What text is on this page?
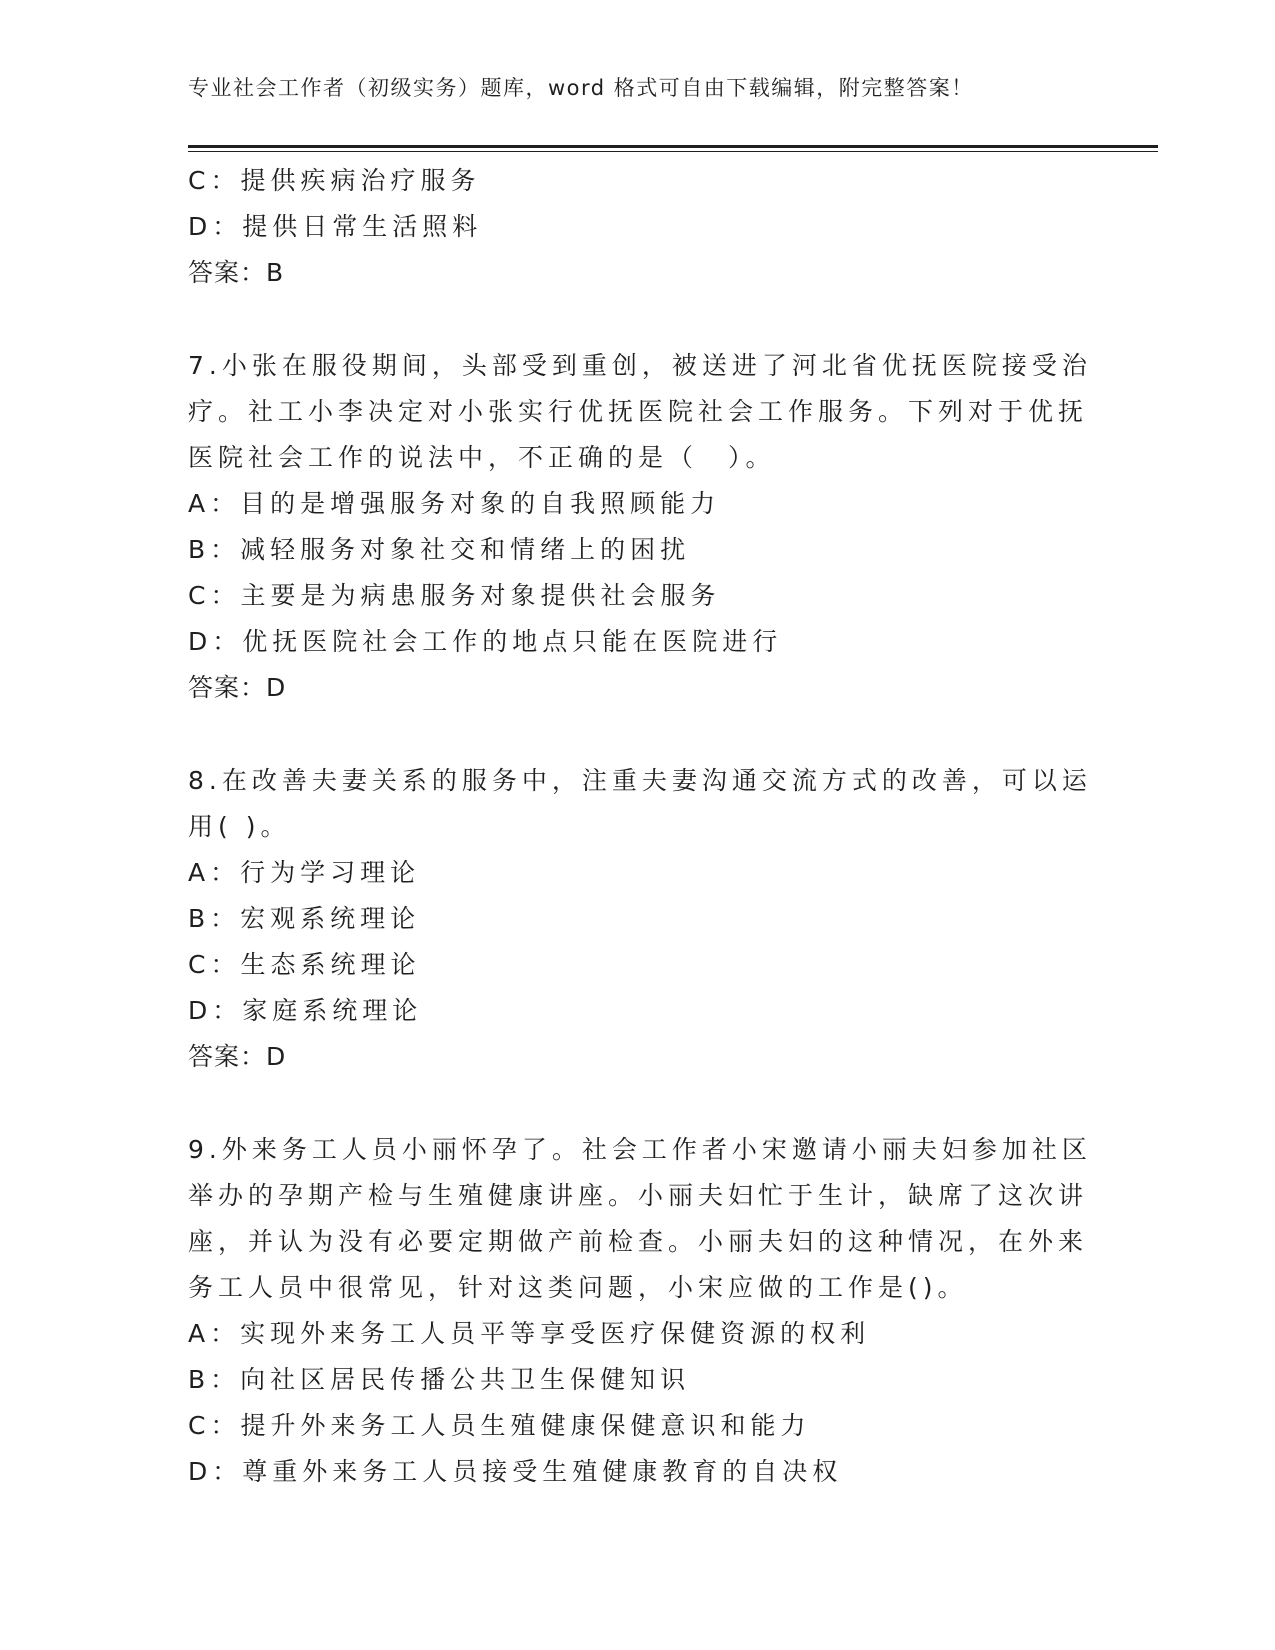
专业社会工作者（初级实务）题库，word 格式可自由下载编辑，附完整答案！
C：提供疾病治疗服务
D：提供日常生活照料
答案：B
7.小张在服役期间，头部受到重创，被送进了河北省优抚医院接受治
疗。社工小李决定对小张实行优抚医院社会工作服务。下列对于优抚
医院社会工作的说法中，不正确的是（　）。
A：目的是增强服务对象的自我照顾能力
B：减轻服务对象社交和情绪上的困扰
C：主要是为病患服务对象提供社会服务
D：优抚医院社会工作的地点只能在医院进行
答案：D
8.在改善夫妻关系的服务中，注重夫妻沟通交流方式的改善，可以运
用( )。
A：行为学习理论
B：宏观系统理论
C：生态系统理论
D：家庭系统理论
答案：D
9.外来务工人员小丽怀孕了。社会工作者小宋邀请小丽夫妇参加社区
举办的孕期产检与生殖健康讲座。小丽夫妇忙于生计，缺席了这次讲
座，并认为没有必要定期做产前检查。小丽夫妇的这种情况，在外来
务工人员中很常见，针对这类问题，小宋应做的工作是()。
A：实现外来务工人员平等享受医疗保健资源的权利
B：向社区居民传播公共卫生保健知识
C：提升外来务工人员生殖健康保健意识和能力
D：尊重外来务工人员接受生殖健康教育的自决权
